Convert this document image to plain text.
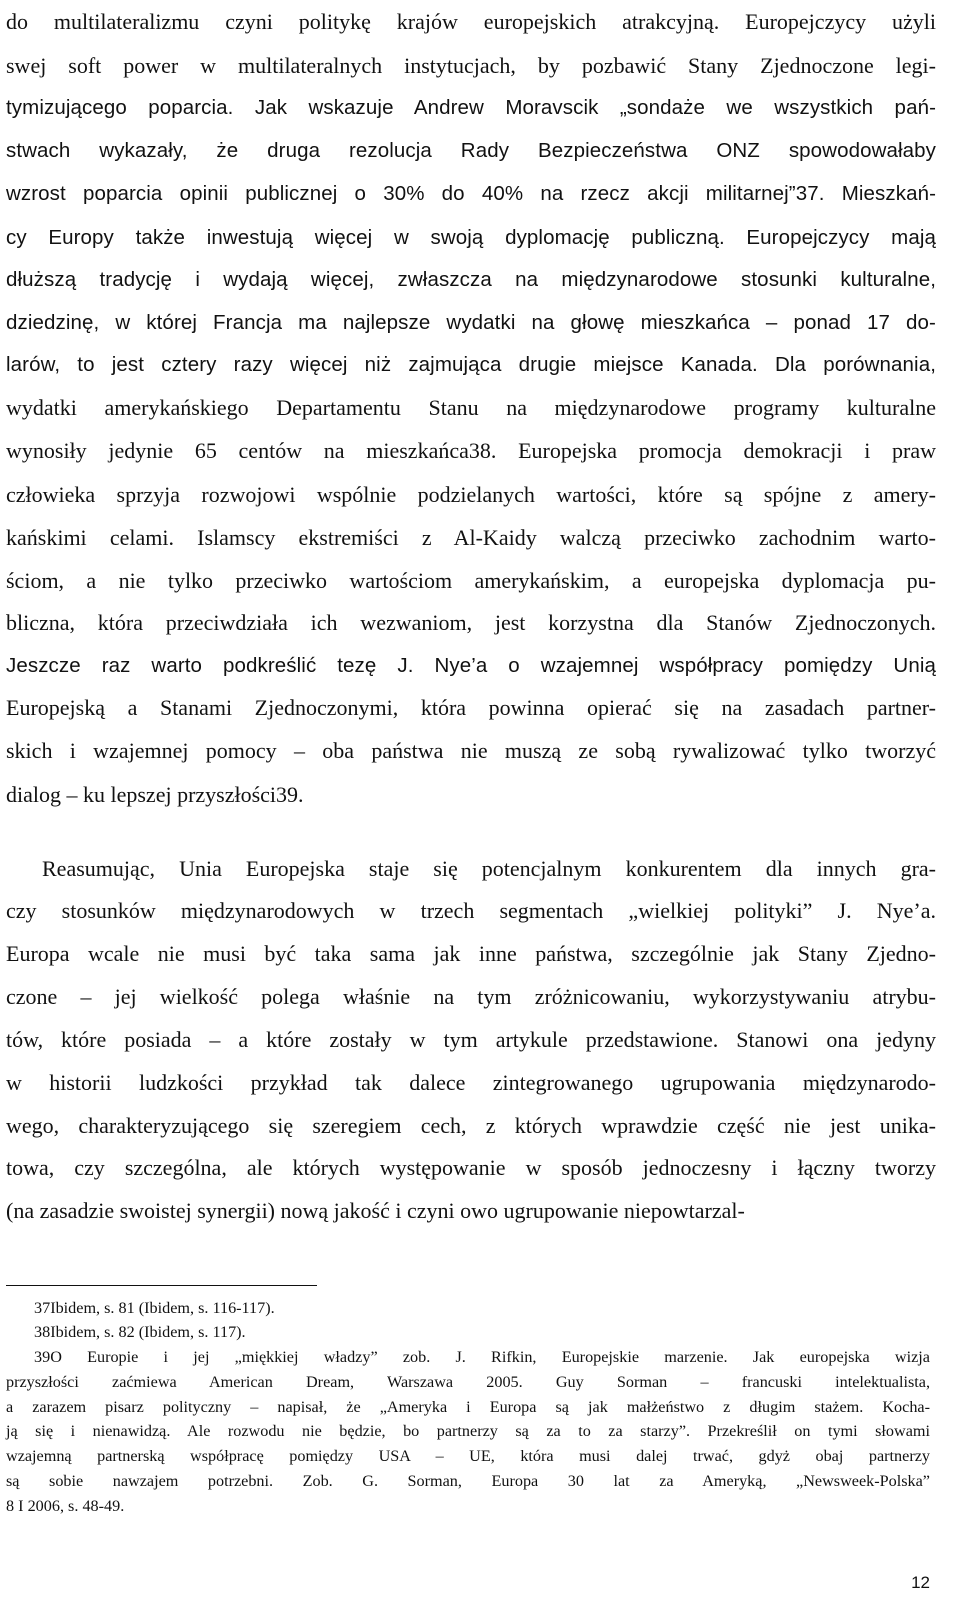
do multilateralizmu czyni politykę krajów europejskich atrakcyjną. Europejczycy użyli
swej soft power w multilateralnych instytucjach, by pozbawić Stany Zjednoczone legi-
tymizującego poparcia. Jak wskazuje Andrew Moravscik „sondaże we wszystkich pań-
stwach wykazały, że druga rezolucja Rady Bezpieczeństwa ONZ spowodowałaby
wzrost poparcia opinii publicznej o 30% do 40% na rzecz akcji militarnej”37. Mieszkań-
cy Europy także inwestują więcej w swoją dyplomację publiczną. Europejczycy mają
dłuższą tradycję i wydają więcej, zwłaszcza na międzynarodowe stosunki kulturalne,
dziedzinę, w której Francja ma najlepsze wydatki na głowę mieszkańca – ponad 17 do-
larów, to jest cztery razy więcej niż zajmująca drugie miejsce Kanada. Dla porównania,
wydatki amerykańskiego Departamentu Stanu na międzynarodowe programy kulturalne
wynosiły jedynie 65 centów na mieszkańca38. Europejska promocja demokracji i praw
człowieka sprzyja rozwojowi wspólnie podzielanych wartości, które są spójne z amery-
kańskimi celami. Islamscy ekstremiści z Al-Kaidy walczą przeciwko zachodnim warto-
ściom, a nie tylko przeciwko wartościom amerykańskim, a europejska dyplomacja pu-
bliczna, która przeciwdziała ich wezwaniom, jest korzystna dla Stanów Zjednoczonych.
Jeszcze raz warto podkreślić tezę J. Nye’a o wzajemnej współpracy pomiędzy Unią
Europejską a Stanami Zjednoczonymi, która powinna opierać się na zasadach partner-
skich i wzajemnej pomocy – oba państwa nie muszą ze sobą rywalizować tylko tworzyć
dialog – ku lepszej przyszłości39.
Reasumując, Unia Europejska staje się potencjalnym konkurentem dla innych gra-
czy stosunków międzynarodowych w trzech segmentach „wielkiej polityki” J. Nye’a.
Europa wcale nie musi być taka sama jak inne państwa, szczególnie jak Stany Zjedno-
czone – jej wielkość polega właśnie na tym zróżnicowaniu, wykorzystywaniu atrybu-
tów, które posiada – a które zostały w tym artykule przedstawione. Stanowi ona jedyny
w historii ludzkości przykład tak dalece zintegrowanego ugrupowania międzynarodo-
wego, charakteryzującego się szeregiem cech, z których wprawdzie część nie jest unika-
towa, czy szczególna, ale których występowanie w sposób jednoczesny i łączny tworzy
(na zasadzie swoistej synergii) nową jakość i czyni owo ugrupowanie niepowtarzal-
37Ibidem, s. 81 (Ibidem, s. 116-117).
38Ibidem, s. 82 (Ibidem, s. 117).
39O Europie i jej „miękkiej władzy” zob. J. Rifkin, Europejskie marzenie. Jak europejska wizja
przyszłości zaćmiewa American Dream, Warszawa 2005. Guy Sorman – francuski intelektualista,
a zarazem pisarz polityczny – napisał, że „Ameryka i Europa są jak małżeństwo z długim stażem. Kocha-
ją się i nienawidzą. Ale rozwodu nie będzie, bo partnerzy są za to za starzy”. Przekreślił on tymi słowami
wzajemną partnerską współpracę pomiędzy USA – UE, która musi dalej trwać, gdyż obaj partnerzy
są sobie nawzajem potrzebni. Zob. G. Sorman, Europa 30 lat za Ameryką, „Newsweek-Polska”
8 I 2006, s. 48-49.
12
